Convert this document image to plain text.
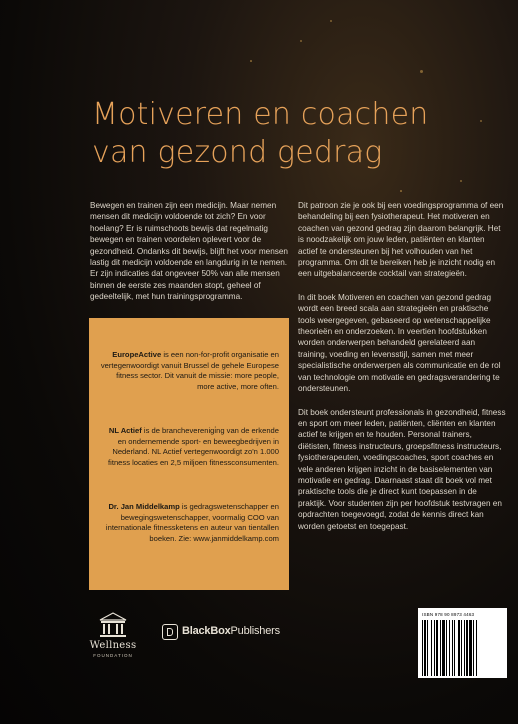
Motiveren en coachen van gezond gedrag

Bewegen en trainen zijn een medicijn. Maar nemen mensen dit medicijn voldoende tot zich? En voor hoelang? Er is ruimschoots bewijs dat regelmatig bewegen en trainen voordelen oplevert voor de gezondheid. Ondanks dit bewijs, blijft het voor mensen lastig dit medicijn voldoende en langdurig in te nemen. Er zijn indicaties dat ongeveer 50% van alle mensen binnen de eerste zes maanden stopt, geheel of gedeeltelijk, met hun trainingsprogramma.

Dit patroon zie je ook bij een voedingsprogramma of een behandeling bij een fysiotherapeut. Het motiveren en coachen van gezond gedrag zijn daarom belangrijk. Het is noodzakelijk om jouw leden, patiënten en klanten actief te ondersteunen bij het volhouden van het programma. Om dit te bereiken heb je inzicht nodig en een uitgebalanceerde cocktail van strategieën.

In dit boek Motiveren en coachen van gezond gedrag wordt een breed scala aan strategieën en praktische tools weergegeven, gebaseerd op wetenschappelijke theorieën en onderzoeken. In veertien hoofdstukken worden onderwerpen behandeld gerelateerd aan training, voeding en levensstijl, samen met meer specialistische onderwerpen als communicatie en de rol van technologie om motivatie en gedragsverandering te ondersteunen.

Dit boek ondersteunt professionals in gezondheid, fitness en sport om meer leden, patiënten, cliënten en klanten actief te krijgen en te houden. Personal trainers, diëtisten, fitness instructeurs, groepsfitness instructeurs, fysiotherapeuten, voedingscoaches, sport coaches en vele anderen krijgen inzicht in de basiselementen van motivatie en gedrag. Daarnaast staat dit boek vol met praktische tools die je direct kunt toepassen in de praktijk. Voor studenten zijn per hoofdstuk testvragen en opdrachten toegevoegd, zodat de kennis direct kan worden getoetst en toegepast.

EuropeActive is een non-for-profit organisatie en vertegenwoordigt vanuit Brussel de gehele Europese fitness sector. Dit vanuit de missie: more people, more active, more often.

NL Actief is de brancheverenigi̇ng van de erkende en ondernemende sport- en beweegbedrijven in Nederland. NL Actief vertegenwoordigt zo'n 1.000 fitness locaties en 2,5 miljoen fitnessconsumenten.

Dr. Jan Middelkamp is gedragswetenschapper en bewegingswetenschapper, voormalig COO van internationale fitnessketens en auteur van tientallen boeken. Zie: www.janmiddelkamp.com

Wellness
FOUNDATION
BlackBoxPublishers
ISBN 978 90 8973 4463
